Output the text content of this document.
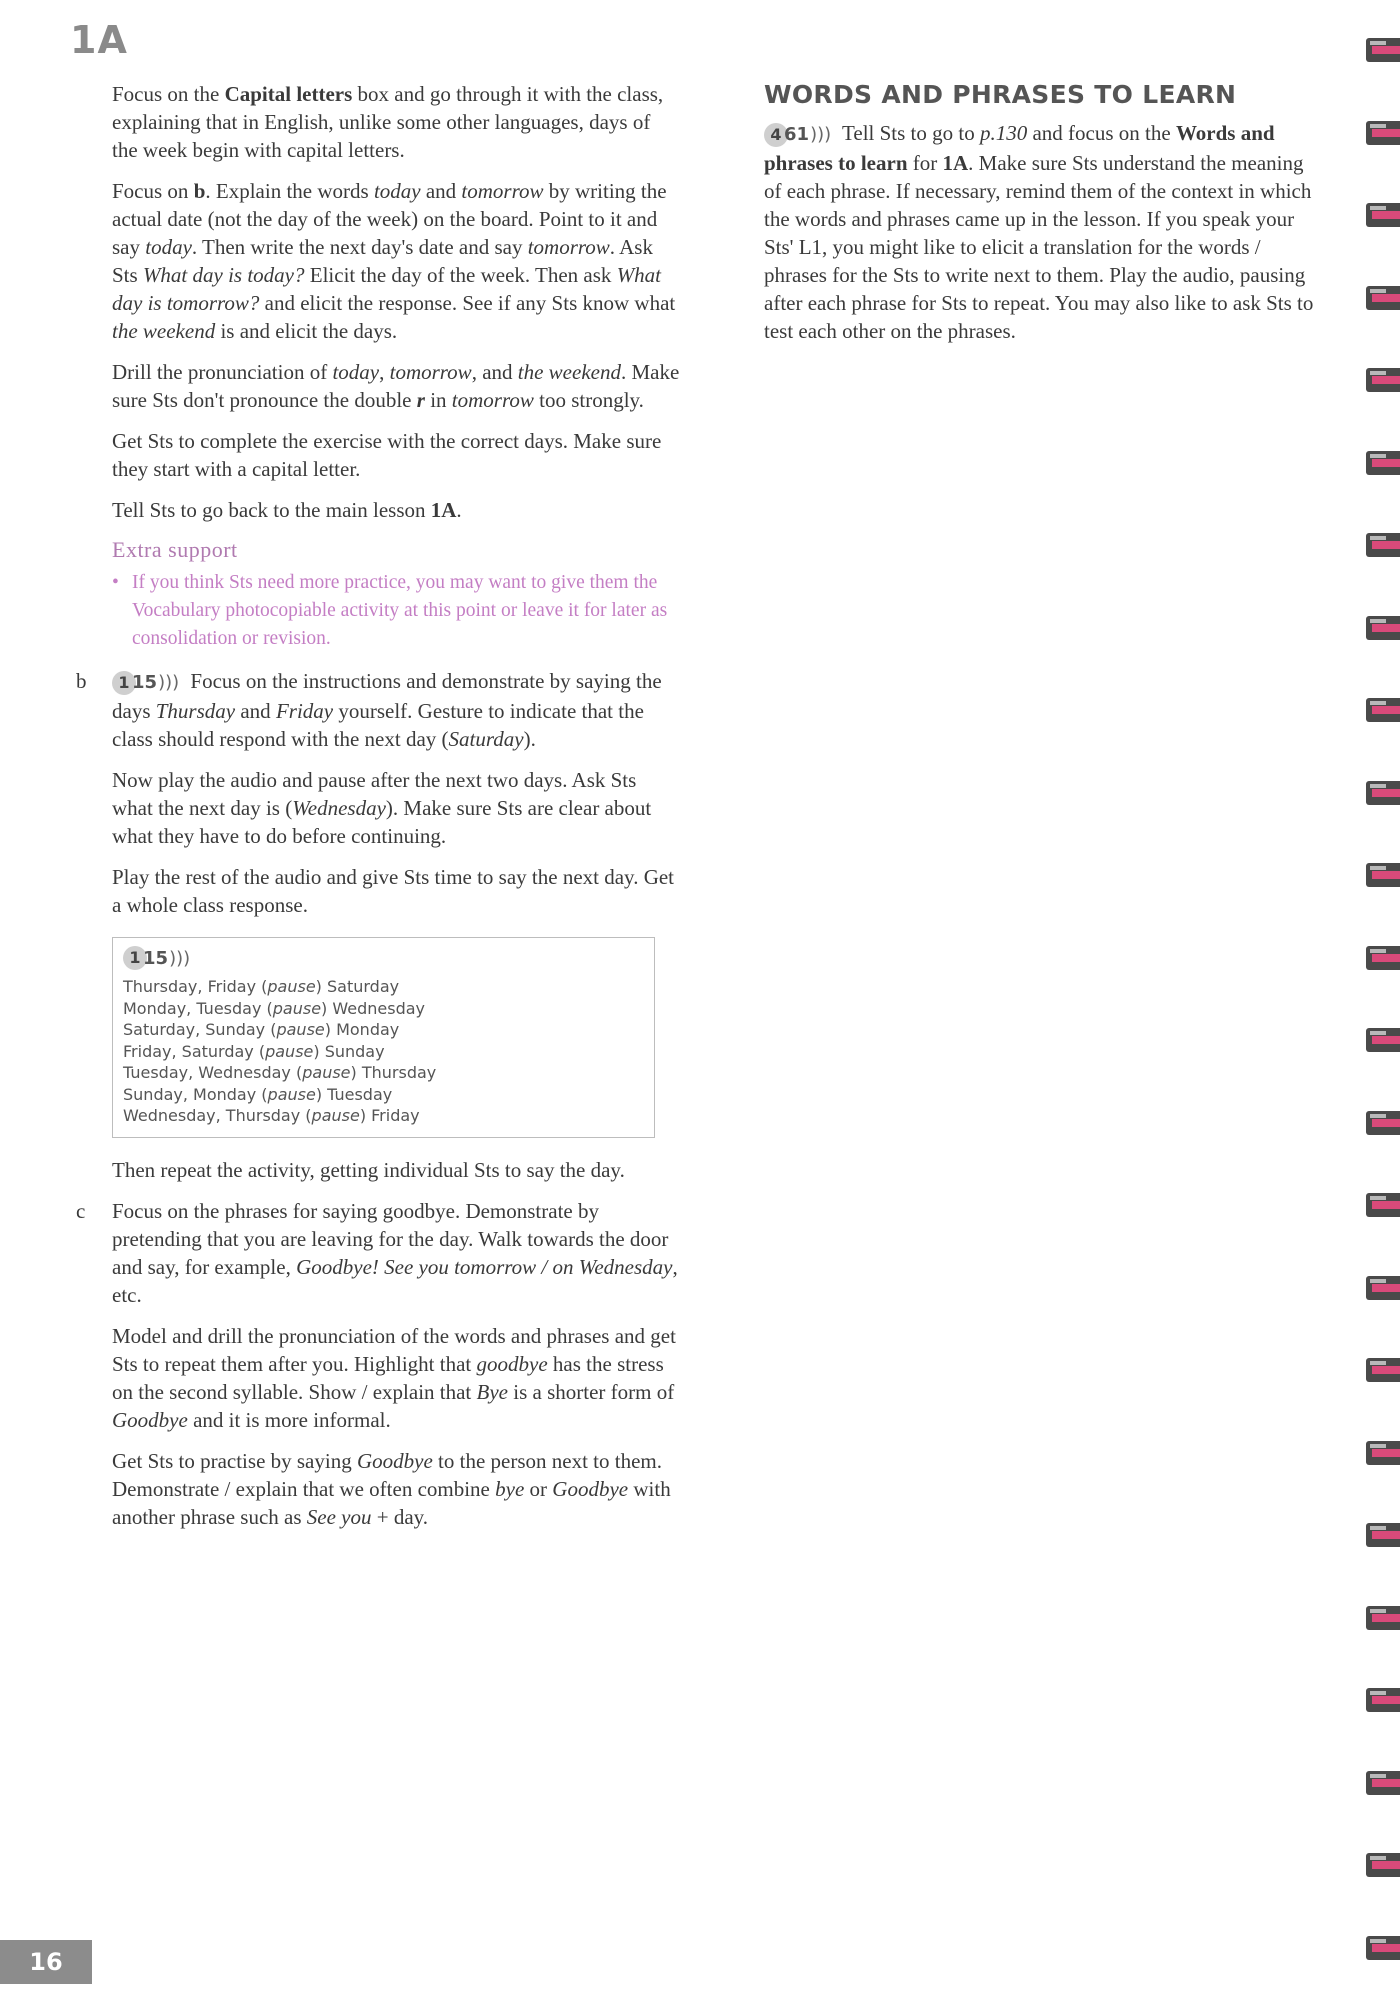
1A

Focus on the Capital letters box and go through it with the class, explaining that in English, unlike some other languages, days of the week begin with capital letters.

Focus on b. Explain the words today and tomorrow by writing the actual date (not the day of the week) on the board. Point to it and say today. Then write the next day's date and say tomorrow. Ask Sts What day is today? Elicit the day of the week. Then ask What day is tomorrow? and elicit the response. See if any Sts know what the weekend is and elicit the days.

Drill the pronunciation of today, tomorrow, and the weekend. Make sure Sts don't pronounce the double r in tomorrow too strongly.

Get Sts to complete the exercise with the correct days. Make sure they start with a capital letter.

Tell Sts to go back to the main lesson 1A.

Extra support
• If you think Sts need more practice, you may want to give them the Vocabulary photocopiable activity at this point or leave it for later as consolidation or revision.
b	1 15))) Focus on the instructions and demonstrate by saying the days Thursday and Friday yourself. Gesture to indicate that the class should respond with the next day (Saturday).

Now play the audio and pause after the next two days. Ask Sts what the next day is (Wednesday). Make sure Sts are clear about what they have to do before continuing.

Play the rest of the audio and give Sts time to say the next day. Get a whole class response.

1 15)))
Thursday, Friday (pause) Saturday
Monday, Tuesday (pause) Wednesday
Saturday, Sunday (pause) Monday
Friday, Saturday (pause) Sunday
Tuesday, Wednesday (pause) Thursday
Sunday, Monday (pause) Tuesday
Wednesday, Thursday (pause) Friday

Then repeat the activity, getting individual Sts to say the day.

c Focus on the phrases for saying goodbye. Demonstrate by pretending that you are leaving for the day. Walk towards the door and say, for example, Goodbye! See you tomorrow / on Wednesday, etc.

Model and drill the pronunciation of the words and phrases and get Sts to repeat them after you. Highlight that goodbye has the stress on the second syllable. Show / explain that Bye is a shorter form of Goodbye and it is more informal.

Get Sts to practise by saying Goodbye to the person next to them. Demonstrate / explain that we often combine bye or Goodbye with another phrase such as See you + day.

WORDS AND PHRASES TO LEARN

4 61))) Tell Sts to go to p.130 and focus on the Words and phrases to learn for 1A. Make sure Sts understand the meaning of each phrase. If necessary, remind them of the context in which the words and phrases came up in the lesson. If you speak your Sts' L1, you might like to elicit a translation for the words / phrases for the Sts to write next to them. Play the audio, pausing after each phrase for Sts to repeat. You may also like to ask Sts to test each other on the phrases.

16
